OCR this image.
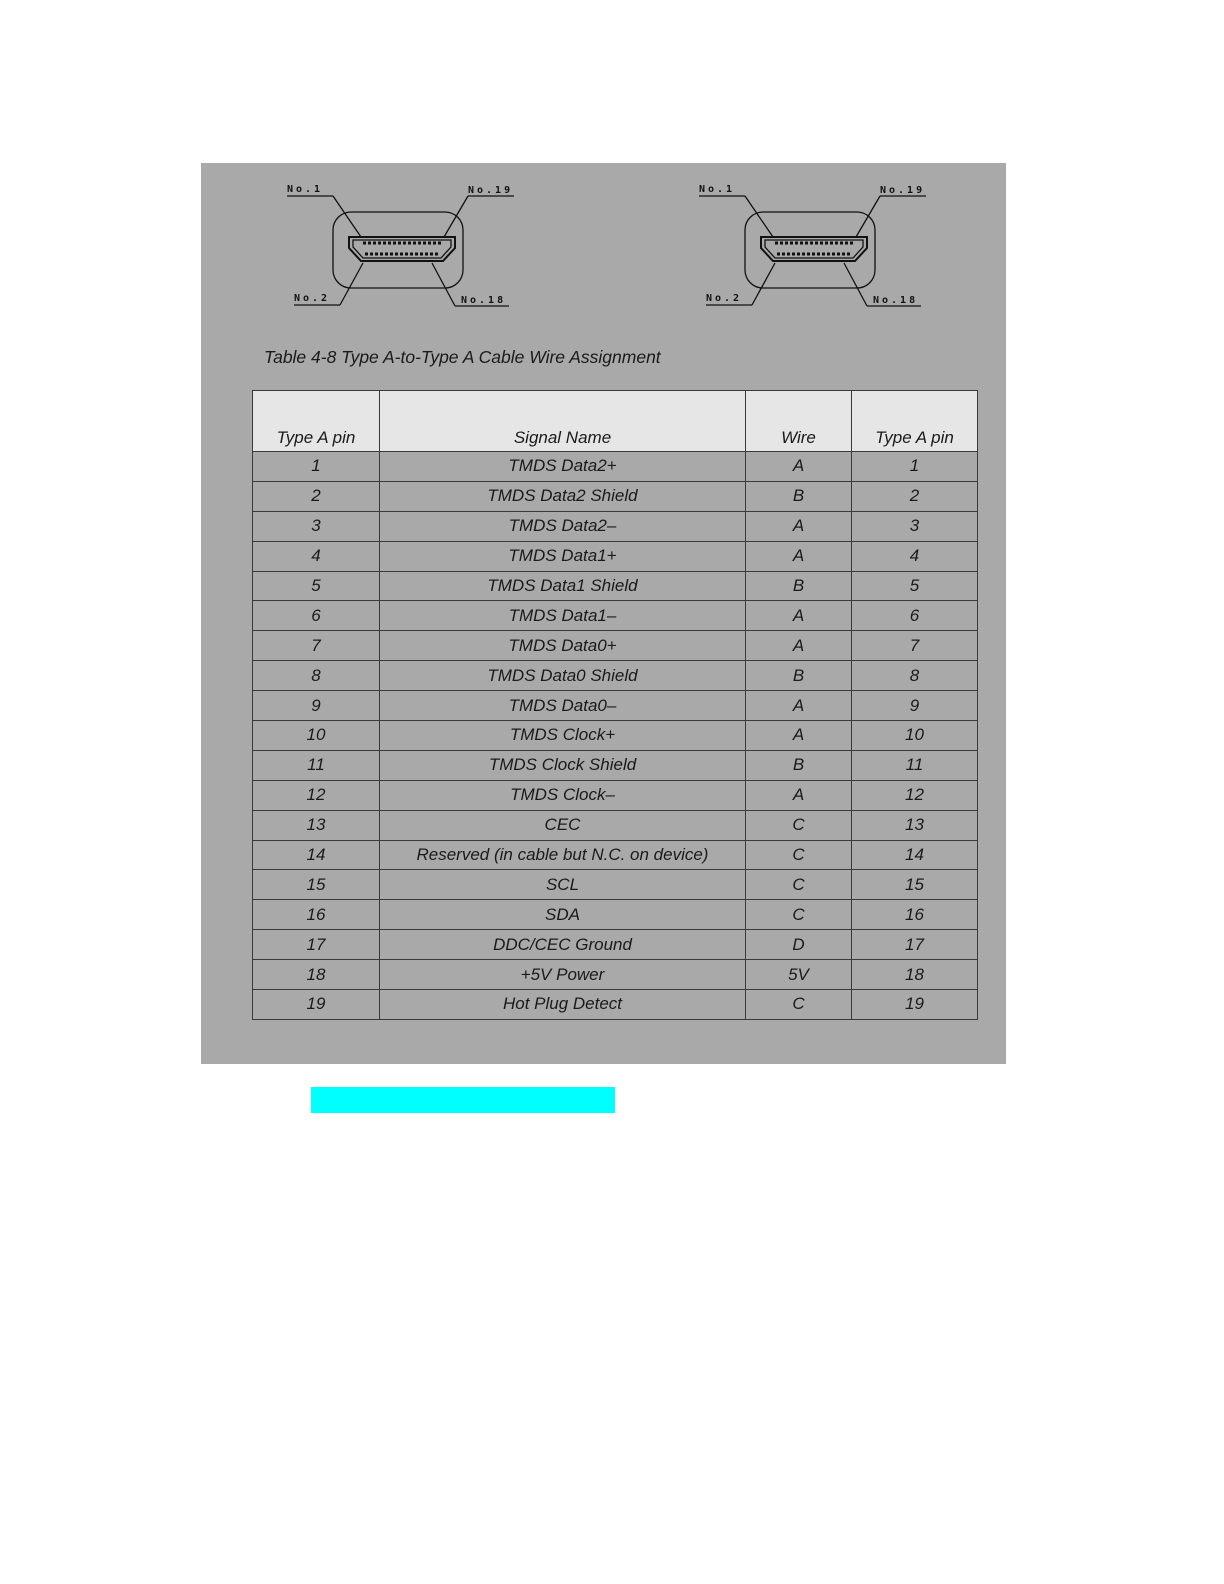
No.1	No.19
No.2	No.18
No.1	No.19
No.2	No.18
Table 4-8 Type A-to-Type A Cable Wire Assignment
Type A pin	Signal Name	Wire	Type A pin
1	TMDS Data2+	A	1
2	TMDS Data2 Shield	B	2
3	TMDS Data2–	A	3
4	TMDS Data1+	A	4
5	TMDS Data1 Shield	B	5
6	TMDS Data1–	A	6
7	TMDS Data0+	A	7
8	TMDS Data0 Shield	B	8
9	TMDS Data0–	A	9
10	TMDS Clock+	A	10
11	TMDS Clock Shield	B	11
12	TMDS Clock–	A	12
13	CEC	C	13
14	Reserved (in cable but N.C. on device)	C	14
15	SCL	C	15
16	SDA	C	16
17	DDC/CEC Ground	D	17
18	+5V Power	5V	18
19	Hot Plug Detect	C	19
